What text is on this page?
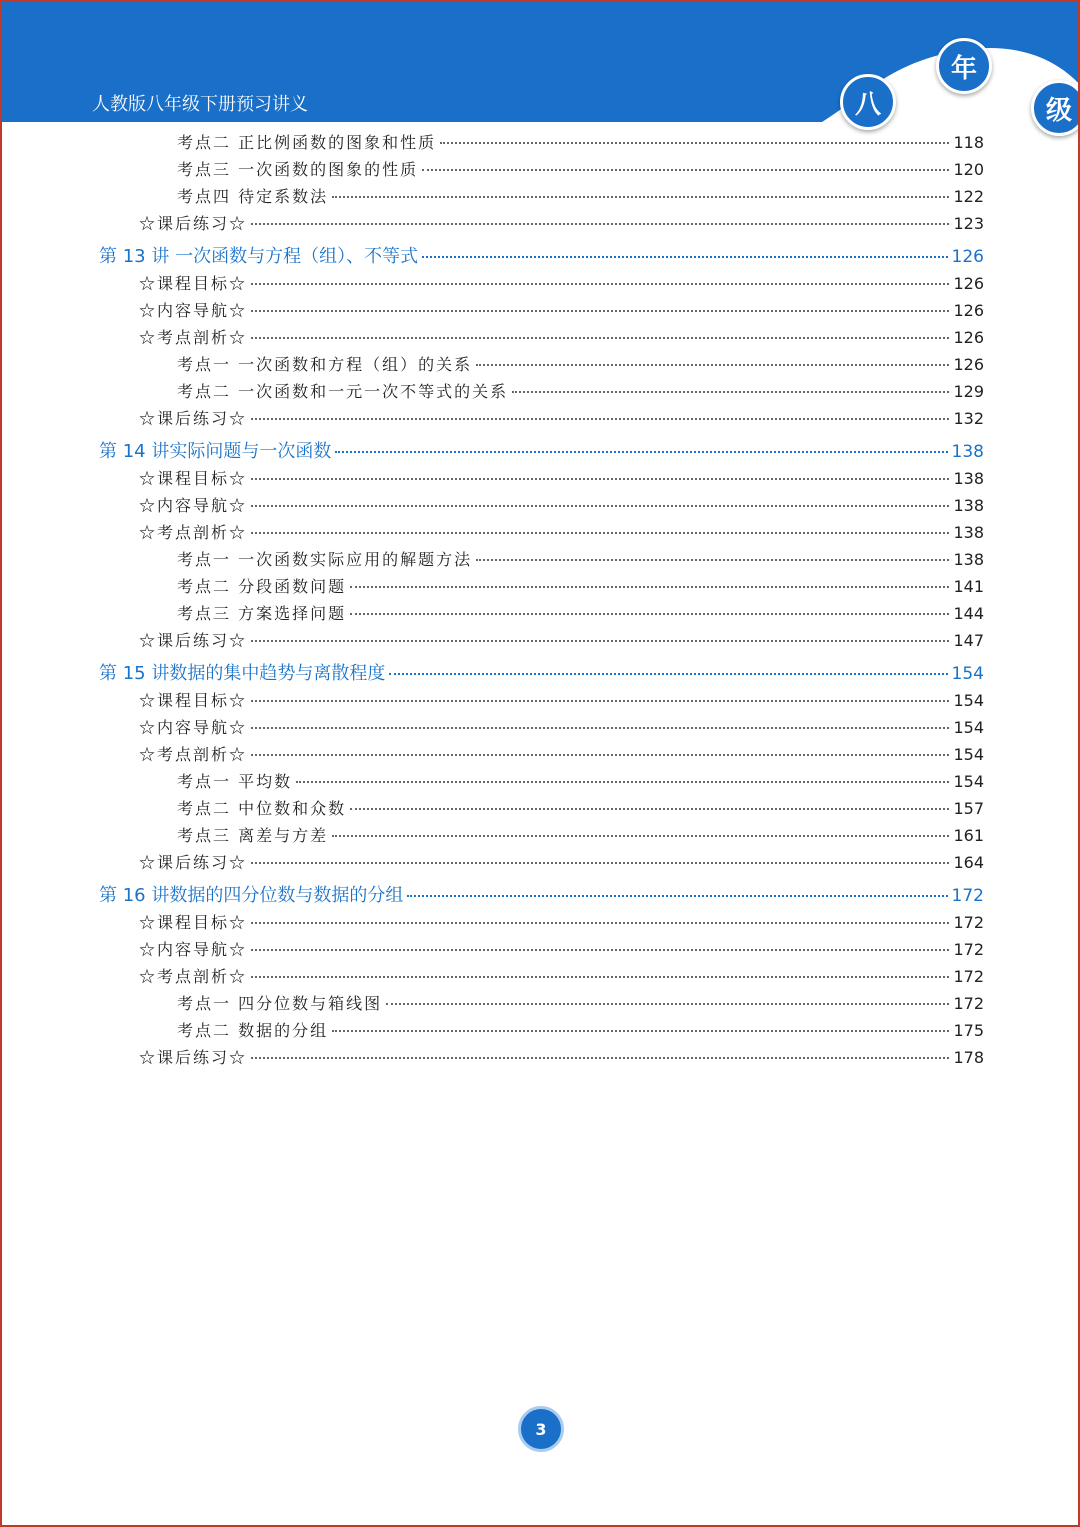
人教版八年级下册预习讲义	八
年
级
考点二 正比例函数的图象和性质	118
考点三 一次函数的图象的性质	120
考点四 待定系数法	122
☆课后练习☆	123
第 13 讲 一次函数与方程（组）、不等式	126
☆课程目标☆	126
☆内容导航☆	126
☆考点剖析☆	126
考点一 一次函数和方程（组）的关系	126
考点二 一次函数和一元一次不等式的关系	129
☆课后练习☆	132
第 14 讲实际问题与一次函数	138
☆课程目标☆	138
☆内容导航☆	138
☆考点剖析☆	138
考点一 一次函数实际应用的解题方法	138
考点二 分段函数问题	141
考点三 方案选择问题	144
☆课后练习☆	147
第 15 讲数据的集中趋势与离散程度	154
☆课程目标☆	154
☆内容导航☆	154
☆考点剖析☆	154
考点一 平均数	154
考点二 中位数和众数	157
考点三 离差与方差	161
☆课后练习☆	164
第 16 讲数据的四分位数与数据的分组	172
☆课程目标☆	172
☆内容导航☆	172
☆考点剖析☆	172
考点一 四分位数与箱线图	172
考点二 数据的分组	175
☆课后练习☆	178
3
